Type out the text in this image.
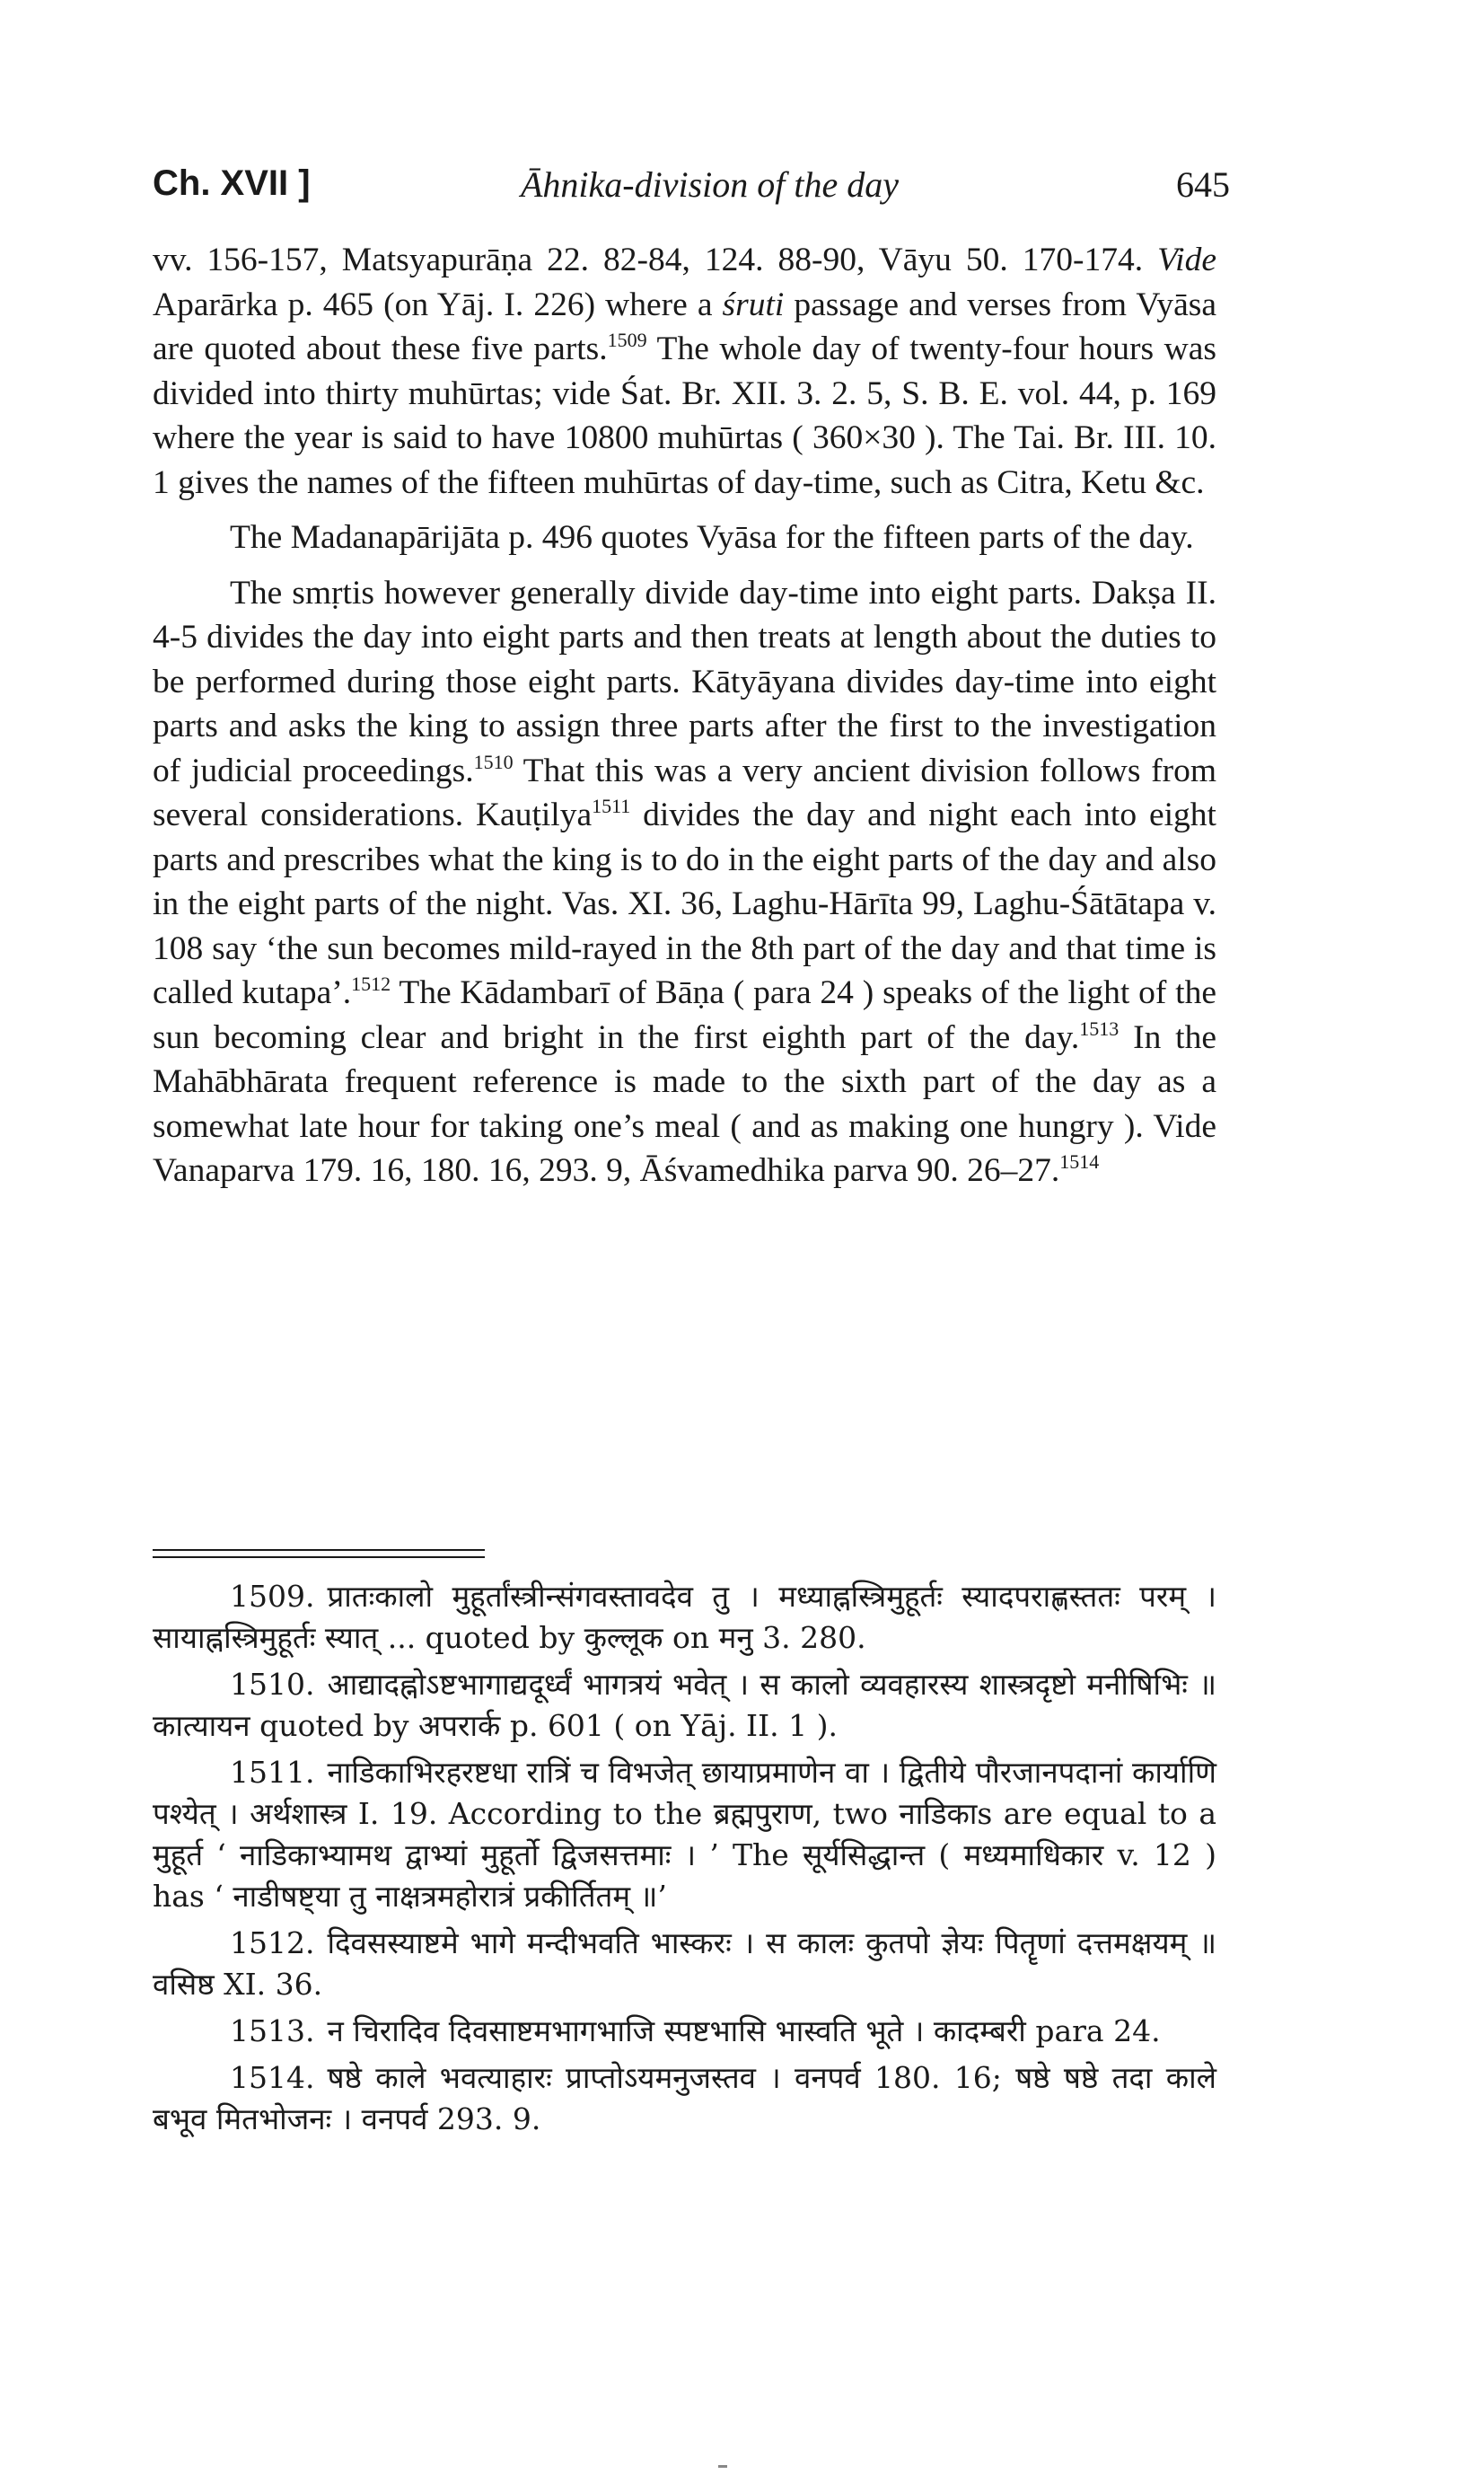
Ch. XVII ]	Āhnika-division of the day	645

vv. 156-157, Matsyapurāṇa 22. 82-84, 124. 88-90, Vāyu 50. 170-174. Vide Aparārka p. 465 (on Yāj. I. 226) where a śruti passage and verses from Vyāsa are quoted about these five parts.$^{1509}$ The whole day of twenty-four hours was divided into thirty muhūrtas; vide Śat. Br. XII. 3. 2. 5, S. B. E. vol. 44, p. 169 where the year is said to have 10800 muhūrtas ( 360×30 ). The Tai. Br. III. 10. 1 gives the names of the fifteen muhūrtas of day-time, such as Citra, Ketu &c.

The Madanapārijāta p. 496 quotes Vyāsa for the fifteen parts of the day.

The smṛtis however generally divide day-time into eight parts. Dakṣa II. 4-5 divides the day into eight parts and then treats at length about the duties to be performed during those eight parts. Kātyāyana divides day-time into eight parts and asks the king to assign three parts after the first to the investigation of judicial proceedings.$^{1510}$ That this was a very ancient division follows from several considerations. Kauṭilya$^{1511}$ divides the day and night each into eight parts and prescribes what the king is to do in the eight parts of the day and also in the eight parts of the night. Vas. XI. 36, Laghu-Hārīta 99, Laghu-Śātātapa v. 108 say ‘the sun becomes mild-rayed in the 8th part of the day and that time is called kutapa’.$^{1512}$ The Kādambarī of Bāṇa ( para 24 ) speaks of the light of the sun becoming clear and bright in the first eighth part of the day.$^{1513}$ In the Mahābhārata frequent reference is made to the sixth part of the day as a somewhat late hour for taking one’s meal ( and as making one hungry ). Vide Vanaparva 179. 16, 180. 16, 293. 9, Āśvamedhika parva 90. 26–27.$^{1514}$

1509. प्रातःकालो मुहूर्तांस्त्रीन्संगवस्तावदेव तु । मध्याह्नस्त्रिमुहूर्तः स्यादपराह्णस्ततः परम् । सायाह्नस्त्रिमुहूर्तः स्यात् ... quoted by कुल्लूक on मनु 3. 280.

1510. आद्यादह्नोऽष्टभागाद्यदूर्ध्वं भागत्रयं भवेत् । स कालो व्यवहारस्य शास्त्रदृष्टो मनीषिभिः ॥ कात्यायन quoted by अपरार्क p. 601 ( on Yāj. II. 1 ).

1511. नाडिकाभिरहरष्टधा रात्रिं च विभजेत् छायाप्रमाणेन वा । द्वितीये पौरजानपदानां कार्याणि पश्येत् । अर्थशास्त्र I. 19. According to the ब्रह्मपुराण, two नाडिकाs are equal to a मुहूर्त ‘ नाडिकाभ्यामथ द्वाभ्यां मुहूर्तो द्विजसत्तमाः । ’ The सूर्यसिद्धान्त ( मध्यमाधिकार v. 12 ) has ‘ नाडीषष्ट्या तु नाक्षत्रमहोरात्रं प्रकीर्तितम् ॥’

1512. दिवसस्याष्टमे भागे मन्दीभवति भास्करः । स कालः कुतपो ज्ञेयः पितॄणां दत्तमक्षयम् ॥ वसिष्ठ XI. 36.

1513. न चिरादिव दिवसाष्टमभागभाजि स्पष्टभासि भास्वति भूते । कादम्बरी para 24.

1514. षष्ठे काले भवत्याहारः प्राप्तोऽयमनुजस्तव । वनपर्व 180. 16; षष्ठे षष्ठे तदा काले बभूव मितभोजनः । वनपर्व 293. 9.
